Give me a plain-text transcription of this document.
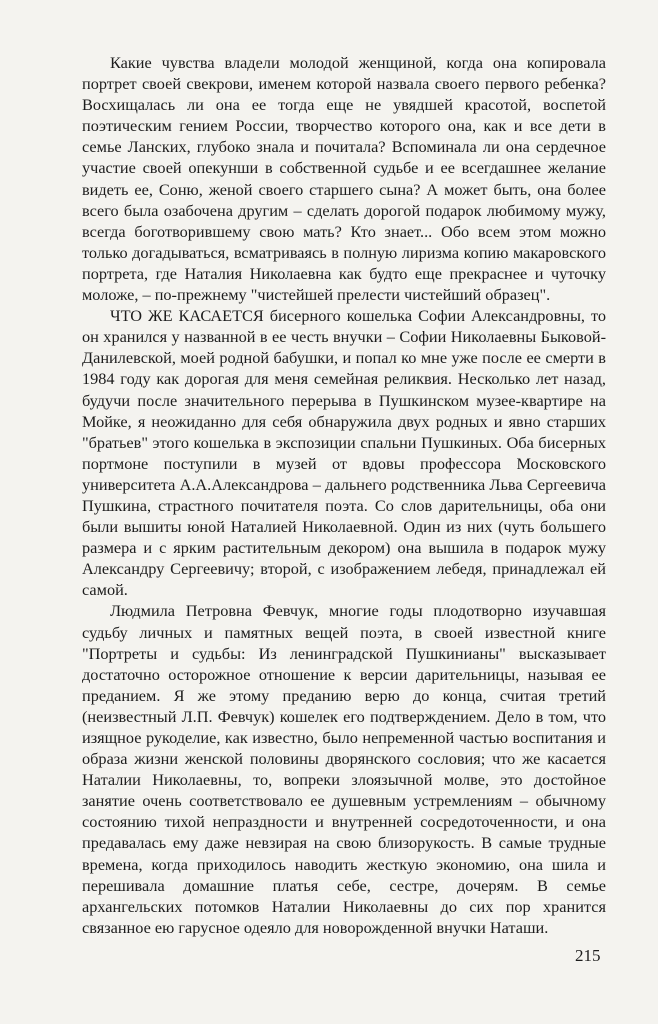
Какие чувства владели молодой женщиной, когда она копировала портрет своей свекрови, именем которой назвала своего первого ребенка? Восхищалась ли она ее тогда еще не увядшей красотой, воспетой поэтическим гением России, творчество которого она, как и все дети в семье Ланских, глубоко знала и почитала? Вспоминала ли она сердечное участие своей опекунши в собственной судьбе и ее всегдашнее желание видеть ее, Соню, женой своего старшего сына? А может быть, она более всего была озабочена другим – сделать дорогой подарок любимому мужу, всегда боготворившему свою мать? Кто знает... Обо всем этом можно только догадываться, всматриваясь в полную лиризма копию макаровского портрета, где Наталия Николаевна как будто еще прекраснее и чуточку моложе, – по-прежнему "чистейшей прелести чистейший образец".

ЧТО ЖЕ КАСАЕТСЯ бисерного кошелька Софии Александровны, то он хранился у названной в ее честь внучки – Софии Николаевны Быковой-Данилевской, моей родной бабушки, и попал ко мне уже после ее смерти в 1984 году как дорогая для меня семейная реликвия. Несколько лет назад, будучи после значительного перерыва в Пушкинском музее-квартире на Мойке, я неожиданно для себя обнаружила двух родных и явно старших "братьев" этого кошелька в экспозиции спальни Пушкиных. Оба бисерных портмоне поступили в музей от вдовы профессора Московского университета А.А.Александрова – дальнего родственника Льва Сергеевича Пушкина, страстного почитателя поэта. Со слов дарительницы, оба они были вышиты юной Наталией Николаевной. Один из них (чуть большего размера и с ярким растительным декором) она вышила в подарок мужу Александру Сергеевичу; второй, с изображением лебедя, принадлежал ей самой.

Людмила Петровна Февчук, многие годы плодотворно изучавшая судьбу личных и памятных вещей поэта, в своей известной книге "Портреты и судьбы: Из ленинградской Пушкинианы" высказывает достаточно осторожное отношение к версии дарительницы, называя ее преданием. Я же этому преданию верю до конца, считая третий (неизвестный Л.П. Февчук) кошелек его подтверждением. Дело в том, что изящное рукоделие, как известно, было непременной частью воспитания и образа жизни женской половины дворянского сословия; что же касается Наталии Николаевны, то, вопреки злоязычной молве, это достойное занятие очень соответствовало ее душевным устремлениям – обычному состоянию тихой непраздности и внутренней сосредоточенности, и она предавалась ему даже невзирая на свою близорукость. В самые трудные времена, когда приходилось наводить жесткую экономию, она шила и перешивала домашние платья себе, сестре, дочерям. В семье архангельских потомков Наталии Николаевны до сих пор хранится связанное ею гарусное одеяло для новорожденной внучки Наташи.

215
